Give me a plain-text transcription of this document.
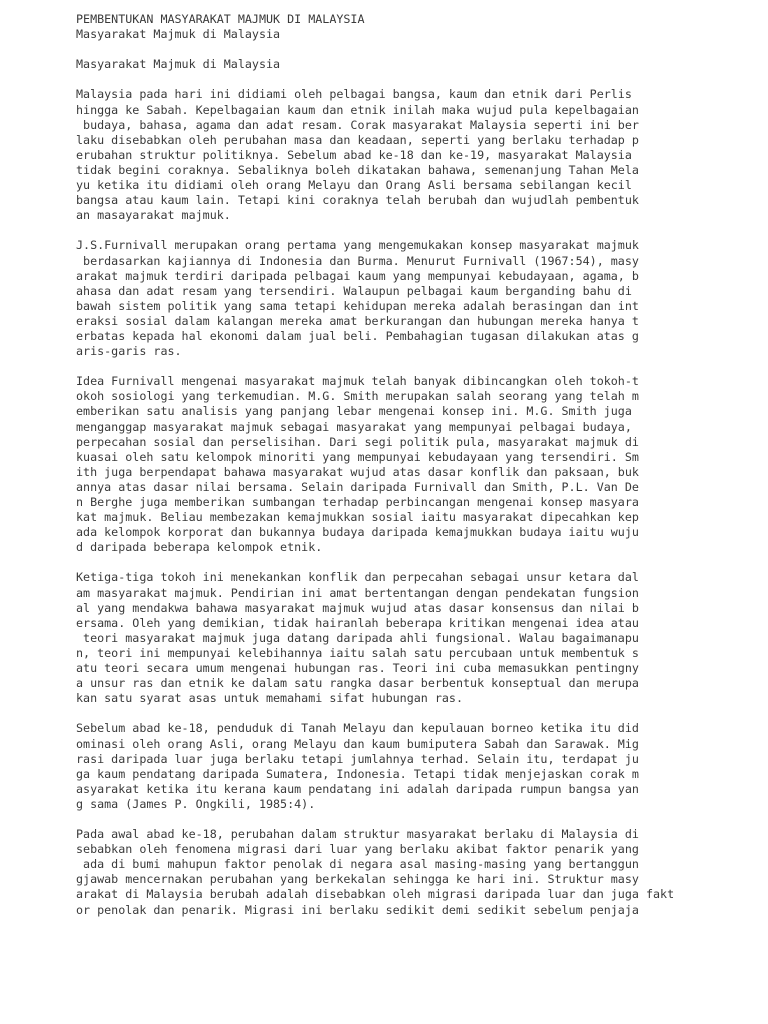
PEMBENTUKAN MASYARAKAT MAJMUK DI MALAYSIA
Masyarakat Majmuk di Malaysia
Masyarakat Majmuk di Malaysia
Malaysia pada hari ini didiami oleh pelbagai bangsa, kaum dan etnik dari Perlis
hingga ke Sabah. Kepelbagaian kaum dan etnik inilah maka wujud pula kepelbagaian
budaya, bahasa, agama dan adat resam. Corak masyarakat Malaysia seperti ini ber
laku disebabkan oleh perubahan masa dan keadaan, seperti yang berlaku terhadap p
erubahan struktur politiknya. Sebelum abad ke-18 dan ke-19, masyarakat Malaysia
tidak begini coraknya. Sebaliknya boleh dikatakan bahawa, semenanjung Tahan Mela
yu ketika itu didiami oleh orang Melayu dan Orang Asli bersama sebilangan kecil
bangsa atau kaum lain. Tetapi kini coraknya telah berubah dan wujudlah pembentuk
an masayarakat majmuk.
J.S.Furnivall merupakan orang pertama yang mengemukakan konsep masyarakat majmuk
berdasarkan kajiannya di Indonesia dan Burma. Menurut Furnivall (1967:54), masy
arakat majmuk terdiri daripada pelbagai kaum yang mempunyai kebudayaan, agama, b
ahasa dan adat resam yang tersendiri. Walaupun pelbagai kaum berganding bahu di
bawah sistem politik yang sama tetapi kehidupan mereka adalah berasingan dan int
eraksi sosial dalam kalangan mereka amat berkurangan dan hubungan mereka hanya t
erbatas kepada hal ekonomi dalam jual beli. Pembahagian tugasan dilakukan atas g
aris-garis ras.
Idea Furnivall mengenai masyarakat majmuk telah banyak dibincangkan oleh tokoh-t
okoh sosiologi yang terkemudian. M.G. Smith merupakan salah seorang yang telah m
emberikan satu analisis yang panjang lebar mengenai konsep ini. M.G. Smith juga
menganggap masyarakat majmuk sebagai masyarakat yang mempunyai pelbagai budaya,
perpecahan sosial dan perselisihan. Dari segi politik pula, masyarakat majmuk di
kuasai oleh satu kelompok minoriti yang mempunyai kebudayaan yang tersendiri. Sm
ith juga berpendapat bahawa masyarakat wujud atas dasar konflik dan paksaan, buk
annya atas dasar nilai bersama. Selain daripada Furnivall dan Smith, P.L. Van De
n Berghe juga memberikan sumbangan terhadap perbincangan mengenai konsep masyara
kat majmuk. Beliau membezakan kemajmukkan sosial iaitu masyarakat dipecahkan kep
ada kelompok korporat dan bukannya budaya daripada kemajmukkan budaya iaitu wuju
d daripada beberapa kelompok etnik.
Ketiga-tiga tokoh ini menekankan konflik dan perpecahan sebagai unsur ketara dal
am masyarakat majmuk. Pendirian ini amat bertentangan dengan pendekatan fungsion
al yang mendakwa bahawa masyarakat majmuk wujud atas dasar konsensus dan nilai b
ersama. Oleh yang demikian, tidak hairanlah beberapa kritikan mengenai idea atau
teori masyarakat majmuk juga datang daripada ahli fungsional. Walau bagaimanapu
n, teori ini mempunyai kelebihannya iaitu salah satu percubaan untuk membentuk s
atu teori secara umum mengenai hubungan ras. Teori ini cuba memasukkan pentingny
a unsur ras dan etnik ke dalam satu rangka dasar berbentuk konseptual dan merupa
kan satu syarat asas untuk memahami sifat hubungan ras.
Sebelum abad ke-18, penduduk di Tanah Melayu dan kepulauan borneo ketika itu did
ominasi oleh orang Asli, orang Melayu dan kaum bumiputera Sabah dan Sarawak. Mig
rasi daripada luar juga berlaku tetapi jumlahnya terhad. Selain itu, terdapat ju
ga kaum pendatang daripada Sumatera, Indonesia. Tetapi tidak menjejaskan corak m
asyarakat ketika itu kerana kaum pendatang ini adalah daripada rumpun bangsa yan
g sama (James P. Ongkili, 1985:4).
Pada awal abad ke-18, perubahan dalam struktur masyarakat berlaku di Malaysia di
sebabkan oleh fenomena migrasi dari luar yang berlaku akibat faktor penarik yang
ada di bumi mahupun faktor penolak di negara asal masing-masing yang bertanggun
gjawab mencernakan perubahan yang berkekalan sehingga ke hari ini. Struktur masy
arakat di Malaysia berubah adalah disebabkan oleh migrasi daripada luar dan juga fakt
or penolak dan penarik. Migrasi ini berlaku sedikit demi sedikit sebelum penjaja
